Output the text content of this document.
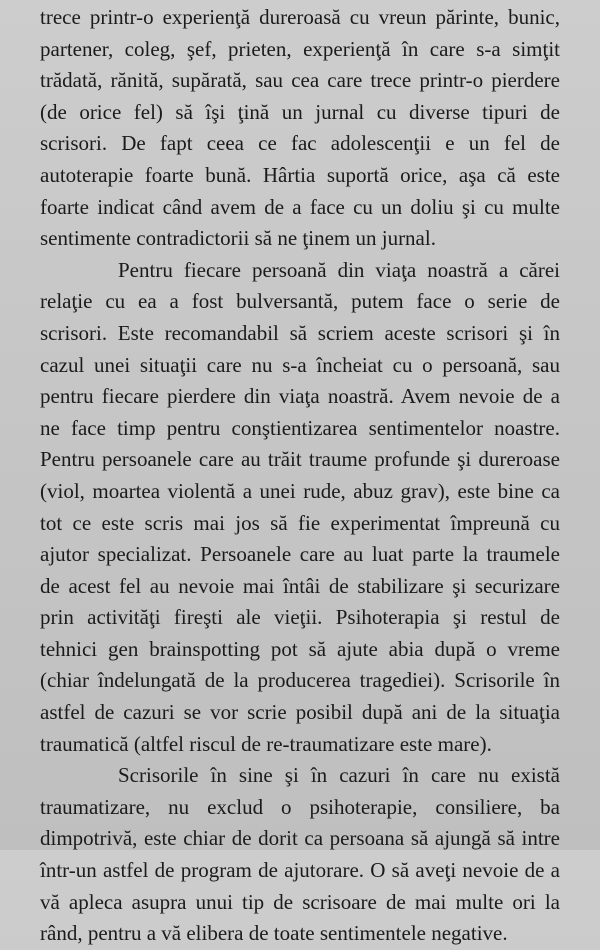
trece printr-o experienţă dureroasă cu vreun părinte, bunic,
partener, coleg, şef, prieten, experienţă în care s-a simţit
trădată, rănită, supărată, sau cea care trece printr-o pierdere
(de orice fel) să îşi ţină un jurnal cu diverse tipuri de
scrisori. De fapt ceea ce fac adolescenţii e un fel de
autoterapie foarte bună. Hârtia suportă orice, aşa că este
foarte indicat când avem de a face cu un doliu şi cu multe
sentimente contradictorii să ne ţinem un jurnal.

Pentru fiecare persoană din viaţa noastră a cărei
relaţie cu ea a fost bulversantă, putem face o serie de
scrisori. Este recomandabil să scriem aceste scrisori şi în
cazul unei situaţii care nu s-a încheiat cu o persoană, sau
pentru fiecare pierdere din viaţa noastră. Avem nevoie de a
ne face timp pentru conştientizarea sentimentelor noastre.
Pentru persoanele care au trăit traume profunde şi dureroase
(viol, moartea violentă a unei rude, abuz grav), este bine ca
tot ce este scris mai jos să fie experimentat împreună cu
ajutor specializat. Persoanele care au luat parte la traumele
de acest fel au nevoie mai întâi de stabilizare şi securizare
prin activităţi fireşti ale vieţii. Psihoterapia şi restul de
tehnici gen brainspotting pot să ajute abia după o vreme
(chiar îndelungată de la producerea tragediei). Scrisorile în
astfel de cazuri se vor scrie posibil după ani de la situaţia
traumatică (altfel riscul de re-traumatizare este mare).

Scrisorile în sine şi în cazuri în care nu există
traumatizare, nu exclud o psihoterapie, consiliere, ba
dimpotrivă, este chiar de dorit ca persoana să ajungă să intre
într-un astfel de program de ajutorare. O să aveţi nevoie de a
vă apleca asupra unui tip de scrisoare de mai multe ori la
rând, pentru a vă elibera de toate sentimentele negative.
